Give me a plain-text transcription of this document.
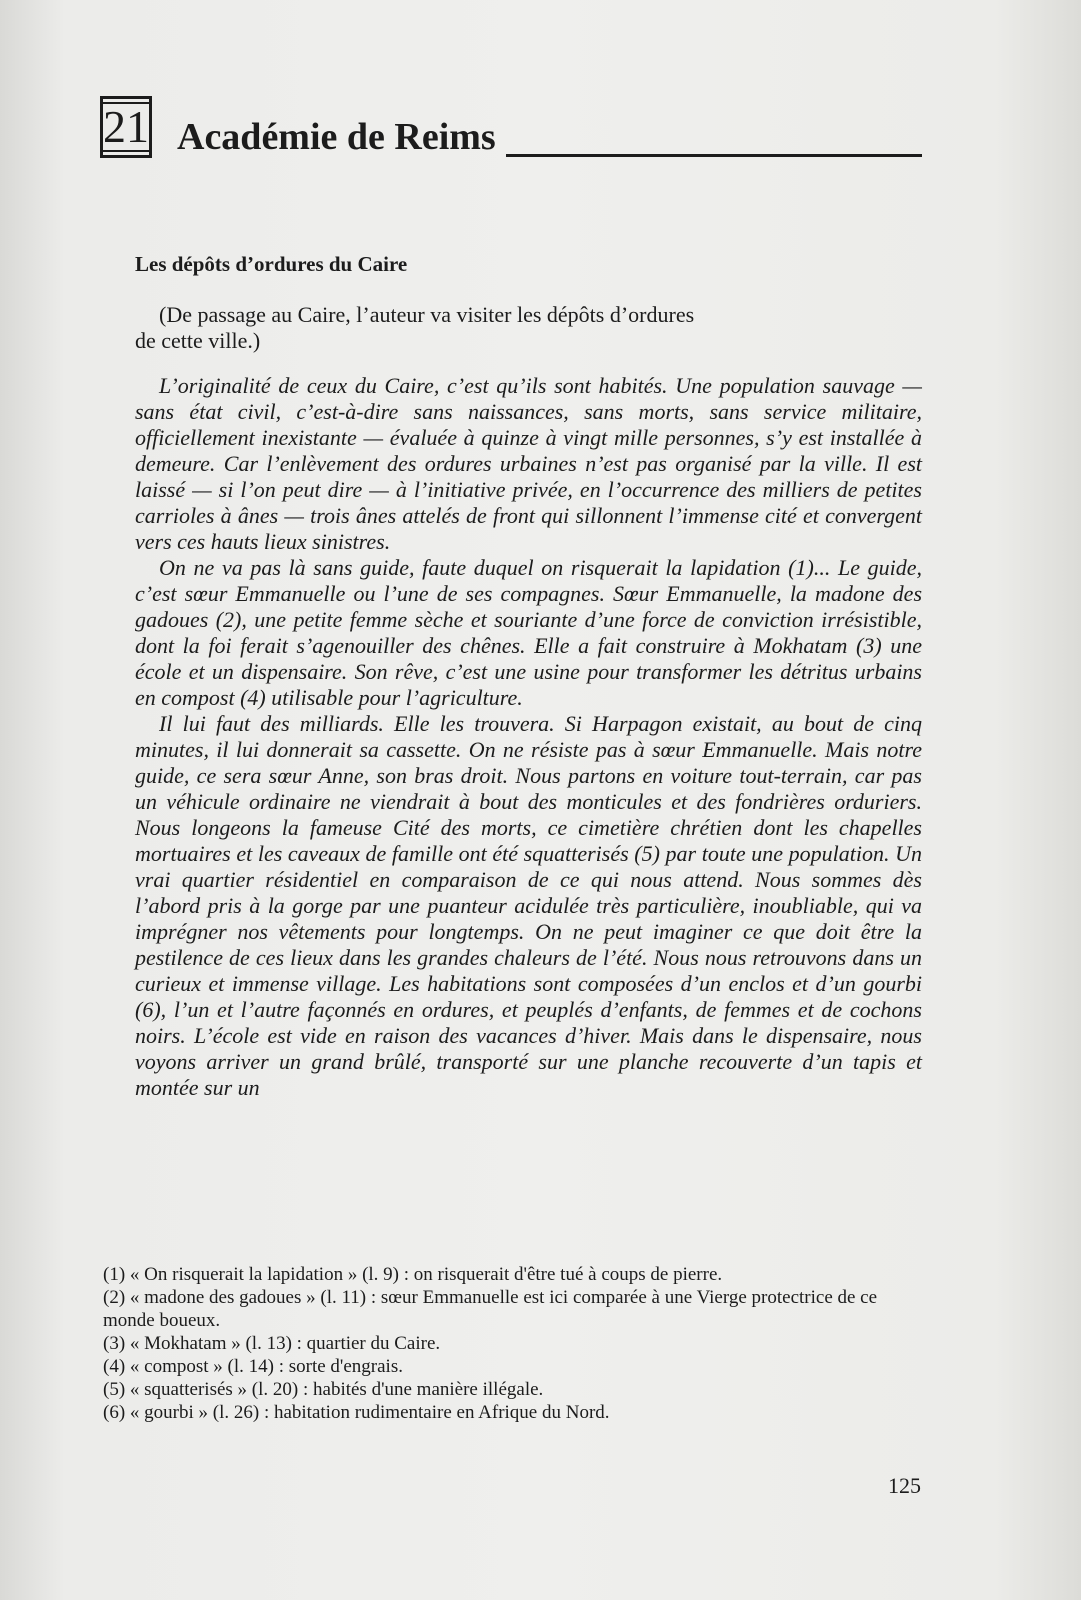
21 Académie de Reims
Les dépôts d’ordures du Caire
(De passage au Caire, l’auteur va visiter les dépôts d’ordures
de cette ville.)

L’originalité de ceux du Caire, c’est qu’ils sont habités. Une population sauvage — sans état civil, c’est-à-dire sans naissances, sans morts, sans service militaire, officiellement inexistante — évaluée à quinze à vingt mille personnes, s’y est installée à demeure. Car l’enlèvement des ordures urbaines n’est pas organisé par la ville. Il est laissé — si l’on peut dire — à l’initiative privée, en l’occurrence des milliers de petites carrioles à ânes — trois ânes attelés de front qui sillonnent l’immense cité et convergent vers ces hauts lieux sinistres.

On ne va pas là sans guide, faute duquel on risquerait la lapidation (1)... Le guide, c’est sœur Emmanuelle ou l’une de ses compagnes. Sœur Emmanuelle, la madone des gadoues (2), une petite femme sèche et souriante d’une force de conviction irrésistible, dont la foi ferait s’agenouiller des chênes. Elle a fait construire à Mokhatam (3) une école et un dispensaire. Son rêve, c’est une usine pour transformer les détritus urbains en compost (4) utilisable pour l’agriculture.

Il lui faut des milliards. Elle les trouvera. Si Harpagon existait, au bout de cinq minutes, il lui donnerait sa cassette. On ne résiste pas à sœur Emmanuelle. Mais notre guide, ce sera sœur Anne, son bras droit. Nous partons en voiture tout-terrain, car pas un véhicule ordinaire ne viendrait à bout des monticules et des fondrières orduriers. Nous longeons la fameuse Cité des morts, ce cimetière chrétien dont les chapelles mortuaires et les caveaux de famille ont été squatterisés (5) par toute une population. Un vrai quartier résidentiel en comparaison de ce qui nous attend. Nous sommes dès l’abord pris à la gorge par une puanteur acidulée très particulière, inoubliable, qui va imprégner nos vêtements pour longtemps. On ne peut imaginer ce que doit être la pestilence de ces lieux dans les grandes chaleurs de l’été. Nous nous retrouvons dans un curieux et immense village. Les habitations sont composées d’un enclos et d’un gourbi (6), l’un et l’autre façonnés en ordures, et peuplés d’enfants, de femmes et de cochons noirs. L’école est vide en raison des vacances d’hiver. Mais dans le dispensaire, nous voyons arriver un grand brûlé, transporté sur une planche recouverte d’un tapis et montée sur un

(1) « On risquerait la lapidation » (l. 9) : on risquerait d'être tué à coups de pierre.
(2) « madone des gadoues » (l. 11) : sœur Emmanuelle est ici comparée à une Vierge protectrice de ce monde boueux.
(3) « Mokhatam » (l. 13) : quartier du Caire.
(4) « compost » (l. 14) : sorte d'engrais.
(5) « squatterisés » (l. 20) : habités d'une manière illégale.
(6) « gourbi » (l. 26) : habitation rudimentaire en Afrique du Nord.
125
